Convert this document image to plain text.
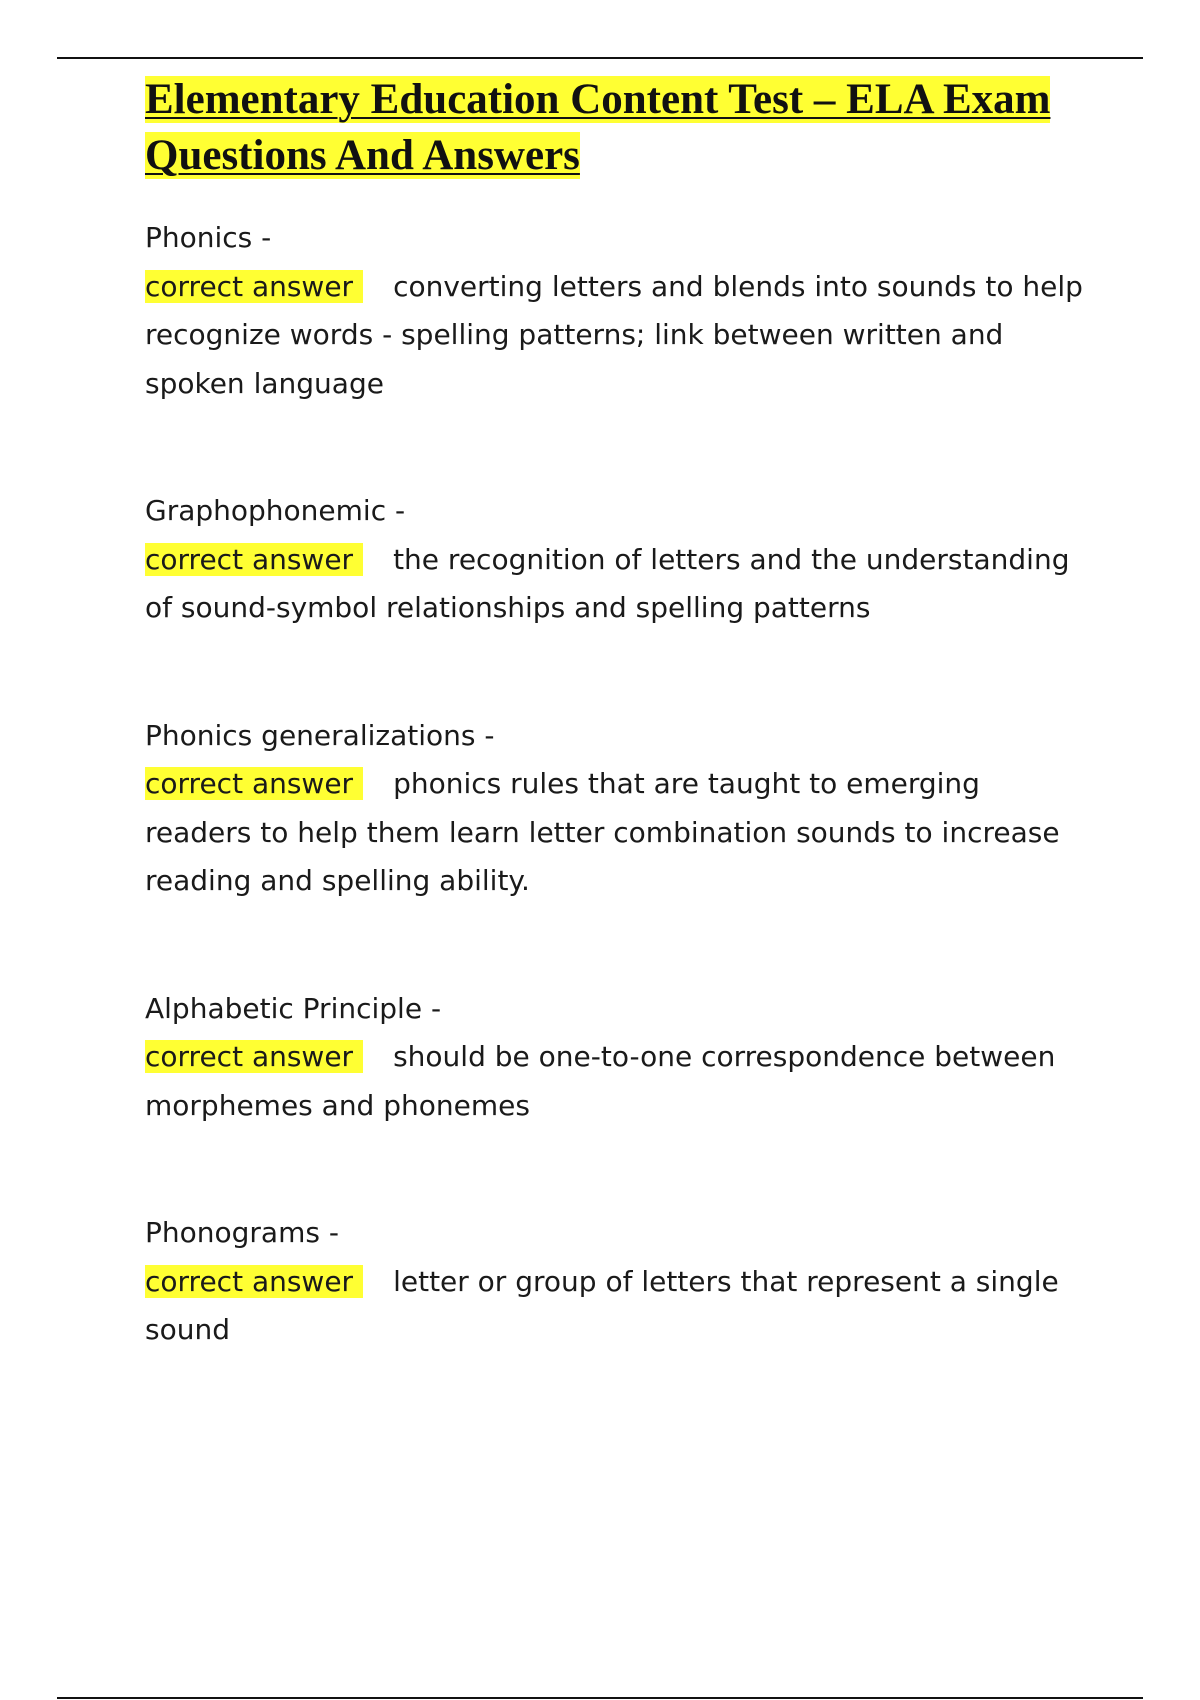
Elementary Education Content Test – ELA Exam Questions And Answers
Phonics -
correct answer converting letters and blends into sounds to help recognize words - spelling patterns; link between written and spoken language
Graphophonemic -
correct answer the recognition of letters and the understanding of sound-symbol relationships and spelling patterns
Phonics generalizations -
correct answer phonics rules that are taught to emerging readers to help them learn letter combination sounds to increase reading and spelling ability.
Alphabetic Principle -
correct answer should be one-to-one correspondence between morphemes and phonemes
Phonograms -
correct answer letter or group of letters that represent a single sound
